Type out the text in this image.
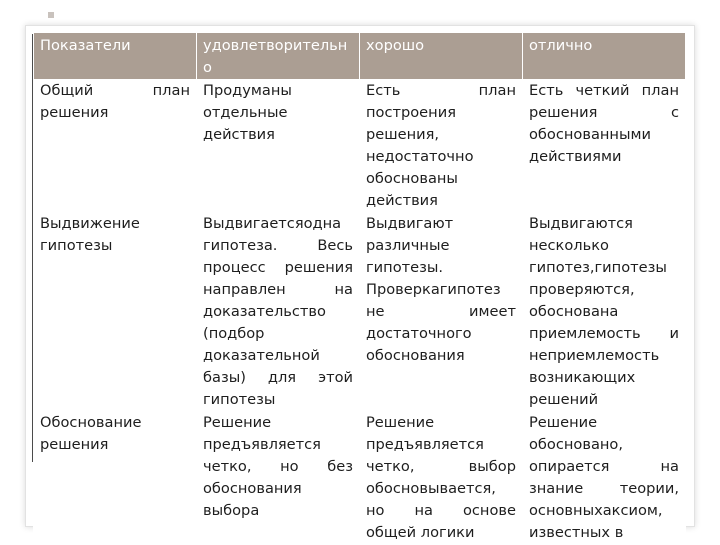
Показатели	удовлетворительно	хорошо	отлично
Общий план решения	Продуманы отдельные действия	Есть план построения решения, недостаточно обоснованы действия	Есть четкий план решения с обоснованными действиями
Выдвижение гипотезы	Выдвигаетсяодна гипотеза. Весь процесс решения направлен на доказательство (подбор доказательной базы) для этой гипотезы	Выдвигают различные гипотезы. Проверкагипотез не имеет достаточного обоснования	Выдвигаются несколько гипотез,гипотезы проверяются, обоснована приемлемость и неприемлемость возникающих решений
Обоснование решения	Решение предъявляется четко, но без обоснования выбора	Решение предъявляется четко, выбор обосновывается, но на основе общей логики	Решение обосновано, опирается на знание теории, основныхаксиом, известных в
